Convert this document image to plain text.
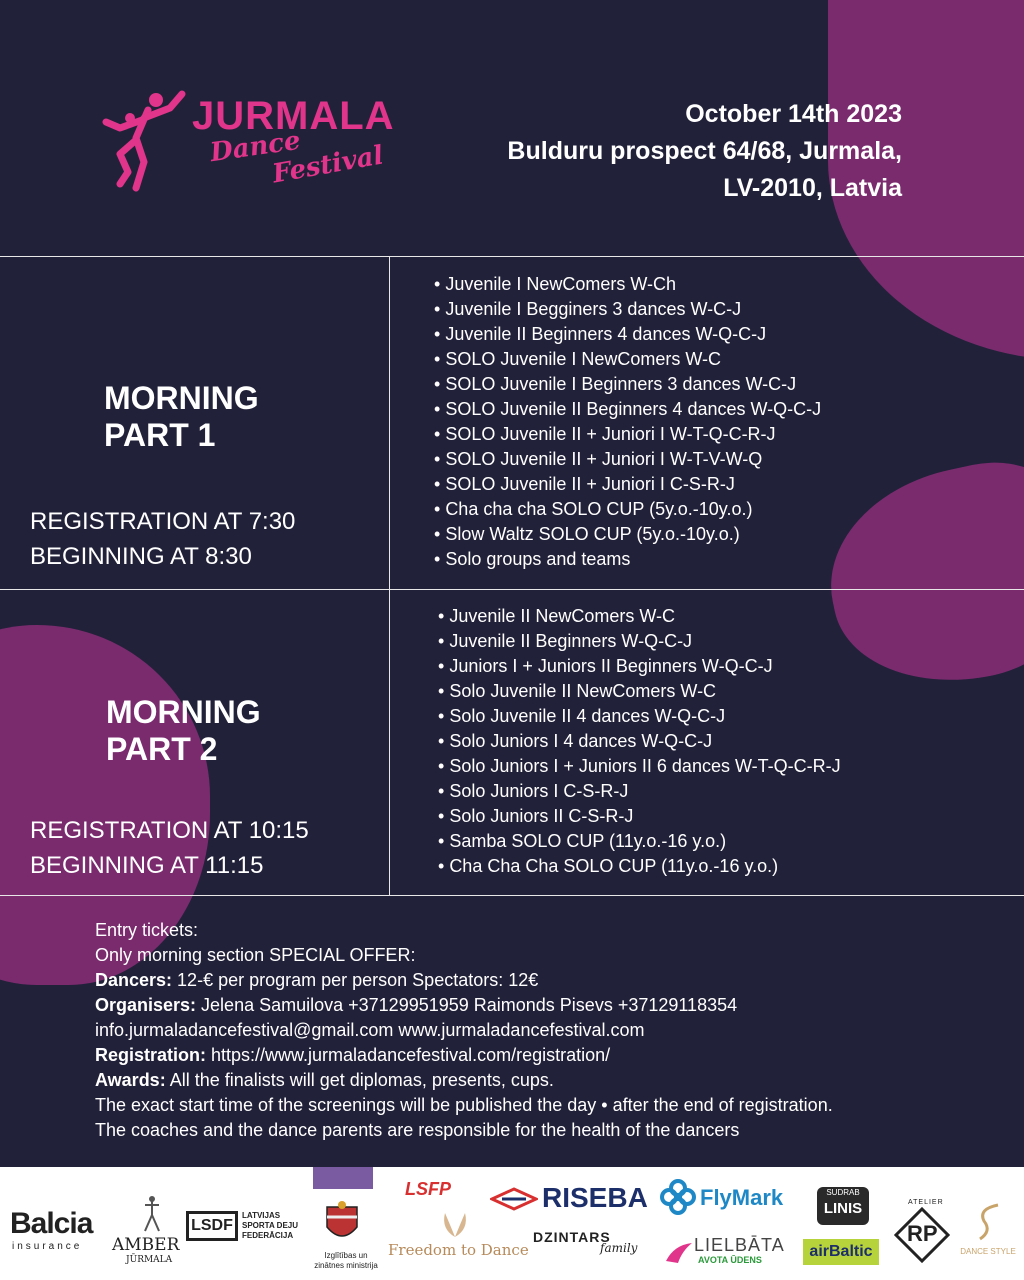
JURMALA
Dance
Festival
October 14th 2023
Bulduru prospect 64/68, Jurmala,
LV-2010, Latvia
MORNING
PART 1
REGISTRATION AT 7:30
BEGINNING AT 8:30
• Juvenile I NewComers W-Ch
• Juvenile I Begginers 3 dances W-C-J
• Juvenile II Beginners 4 dances W-Q-C-J
• SOLO Juvenile I NewComers W-C
• SOLO Juvenile I Beginners 3 dances W-C-J
• SOLO Juvenile II Beginners 4 dances W-Q-C-J
• SOLO Juvenile II + Juniori I W-T-Q-C-R-J
• SOLO Juvenile II + Juniori I W-T-V-W-Q
• SOLO Juvenile II + Juniori I C-S-R-J
• Cha cha cha SOLO CUP (5y.o.-10y.o.)
• Slow Waltz SOLO CUP (5y.o.-10y.o.)
• Solo groups and teams
MORNING
PART 2
REGISTRATION AT 10:15
BEGINNING AT 11:15
• Juvenile II NewComers W-C
• Juvenile II Beginners W-Q-C-J
• Juniors I + Juniors II Beginners W-Q-C-J
• Solo Juvenile II NewComers W-C
• Solo Juvenile II 4 dances W-Q-C-J
• Solo Juniors I 4 dances W-Q-C-J
• Solo Juniors I + Juniors II 6 dances W-T-Q-C-R-J
• Solo Juniors I C-S-R-J
• Solo Juniors II C-S-R-J
• Samba SOLO CUP (11y.o.-16 y.o.)
• Cha Cha Cha SOLO CUP (11y.o.-16 y.o.)
Entry tickets:
Only morning section SPECIAL OFFER:
Dancers: 12-€ per program per person Spectators: 12€
Organisers: Jelena Samuilova +37129951959 Raimonds Pisevs +37129118354
info.jurmaladancefestival@gmail.com www.jurmaladancefestival.com
Registration: https://www.jurmaladancefestival.com/registration/
Awards: All the finalists will get diplomas, presents, cups.
The exact start time of the screenings will be published the day • after the end of registration.
The coaches and the dance parents are responsible for the health of the dancers
Balcia
insurance AMBER
JŪRMALA
LSDF
LATVIJAS SPORTA DEJU FEDERĀCIJA
Izglītības un zinātnes ministrija
LSFP
Freedom to Dance
RISEBA
DZINTARS
family
FlyMark
LIELBĀTA
AVOTA ŪDENS
SUDRAB
LINIS
airBaltic
ATELIER
RP
DANCE STYLE
